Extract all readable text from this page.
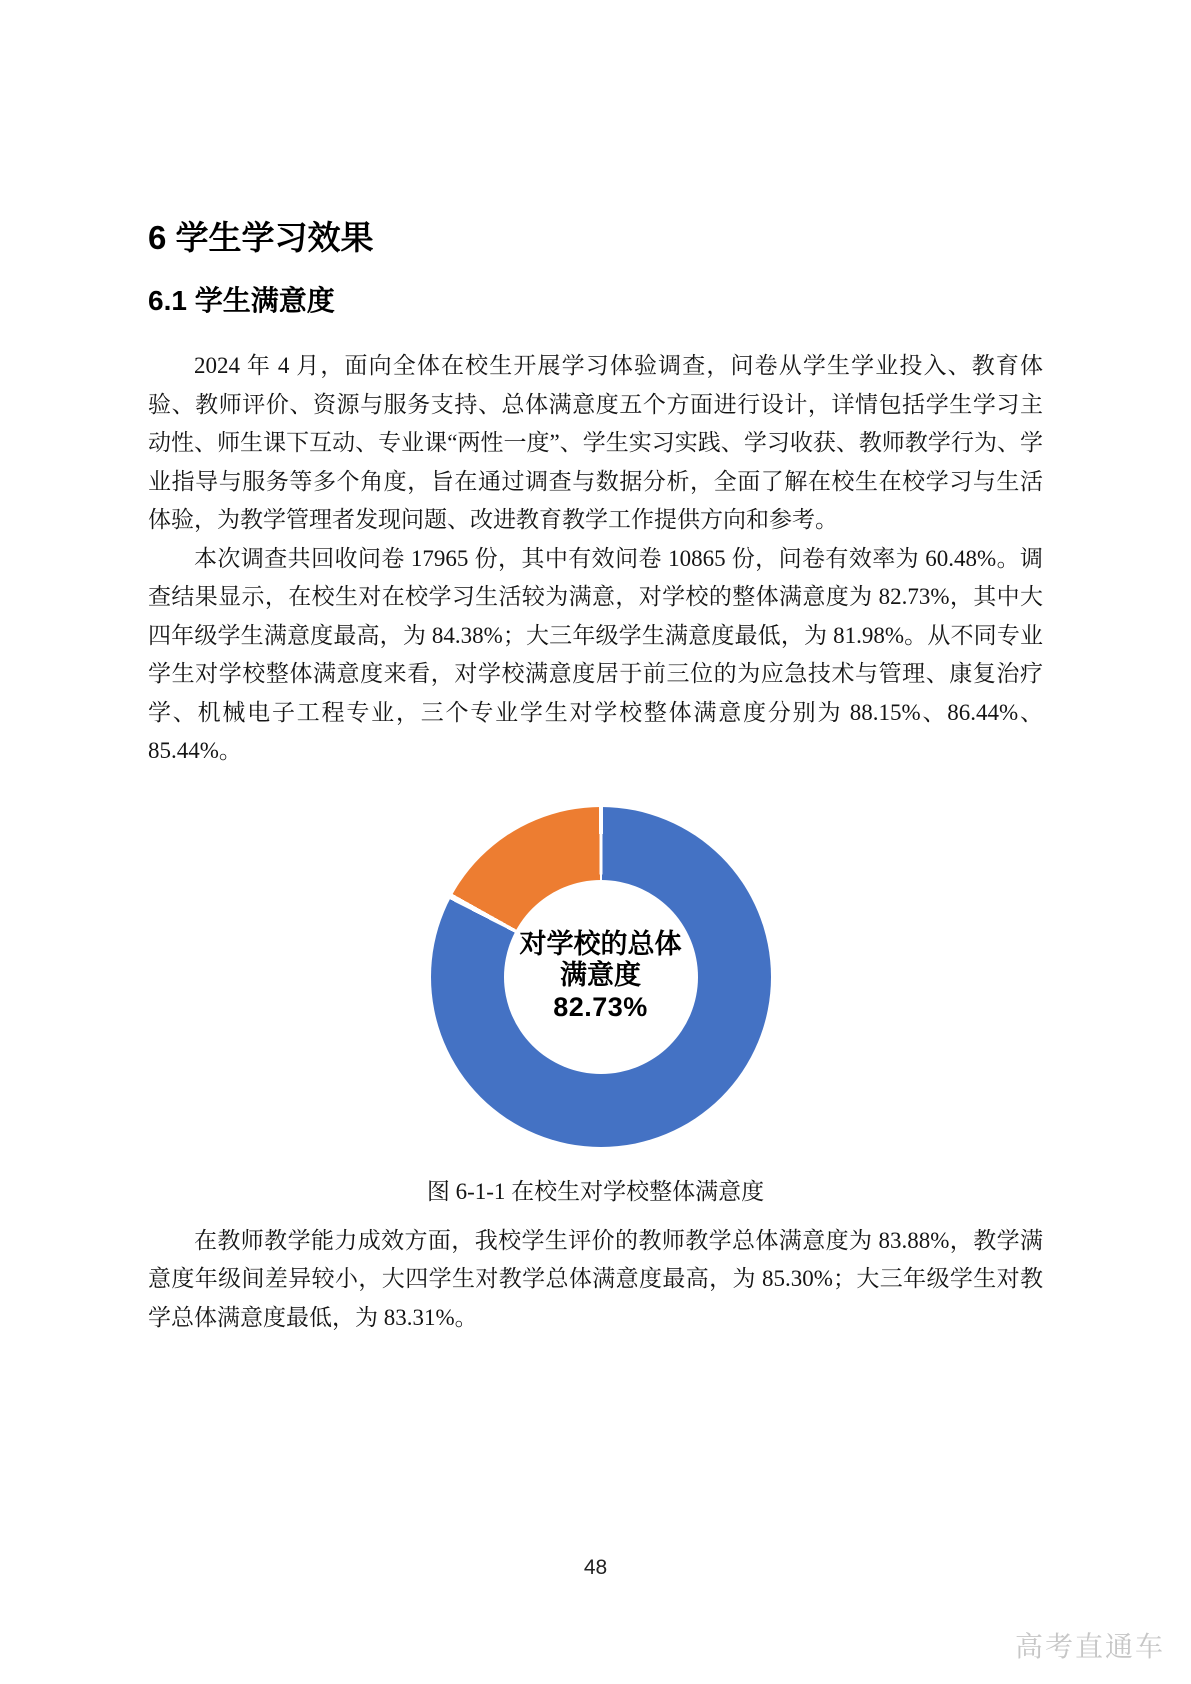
6 学生学习效果
6.1 学生满意度

2024 年 4 月，面向全体在校生开展学习体验调查，问卷从学生学业投入、教育体验、教师评价、资源与服务支持、总体满意度五个方面进行设计，详情包括学生学习主动性、师生课下互动、专业课“两性一度”、学生实习实践、学习收获、教师教学行为、学业指导与服务等多个角度，旨在通过调查与数据分析，全面了解在校生在校学习与生活体验，为教学管理者发现问题、改进教育教学工作提供方向和参考。

本次调查共回收问卷 17965 份，其中有效问卷 10865 份，问卷有效率为 60.48%。调查结果显示，在校生对在校学习生活较为满意，对学校的整体满意度为 82.73%，其中大四年级学生满意度最高，为 84.38%；大三年级学生满意度最低，为 81.98%。从不同专业学生对学校整体满意度来看，对学校满意度居于前三位的为应急技术与管理、康复治疗学、机械电子工程专业，三个专业学生对学校整体满意度分别为 88.15%、86.44%、85.44%。

对学校的总体
满意度
82.73%
图 6-1-1 在校生对学校整体满意度

在教师教学能力成效方面，我校学生评价的教师教学总体满意度为 83.88%，教学满意度年级间差异较小，大四学生对教学总体满意度最高，为 85.30%；大三年级学生对教学总体满意度最低，为 83.31%。

48
高考直通车
